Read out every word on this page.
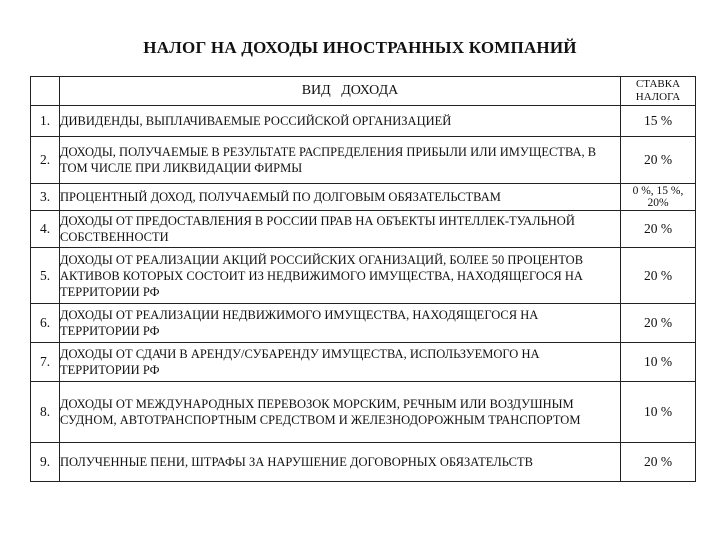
НАЛОГ НА ДОХОДЫ ИНОСТРАННЫХ КОМПАНИЙ
	ВИД   ДОХОДА	СТАВКА
НАЛОГА

1.	ДИВИДЕНДЫ, ВЫПЛАЧИВАЕМЫЕ РОССИЙСКОЙ ОРГАНИЗАЦИЕЙ	15 %
2.	ДОХОДЫ, ПОЛУЧАЕМЫЕ В РЕЗУЛЬТАТЕ РАСПРЕДЕЛЕНИЯ ПРИБЫЛИ ИЛИ ИМУЩЕСТВА, В ТОМ ЧИСЛЕ ПРИ ЛИКВИДАЦИИ ФИРМЫ	20 %
3.	ПРОЦЕНТНЫЙ ДОХОД, ПОЛУЧАЕМЫЙ ПО ДОЛГОВЫМ ОБЯЗАТЕЛЬСТВАМ	0 %, 15 %, 20%
4.	ДОХОДЫ ОТ ПРЕДОСТАВЛЕНИЯ В РОССИИ ПРАВ НА ОБЪЕКТЫ ИНТЕЛЛЕК-ТУАЛЬНОЙ СОБСТВЕННОСТИ	20 %
5.	ДОХОДЫ ОТ РЕАЛИЗАЦИИ АКЦИЙ РОССИЙСКИХ ОГАНИЗАЦИЙ, БОЛЕЕ 50 ПРОЦЕНТОВ АКТИВОВ КОТОРЫХ СОСТОИТ ИЗ НЕДВИЖИМОГО ИМУЩЕСТВА, НАХОДЯЩЕГОСЯ НА ТЕРРИТОРИИ РФ	20 %
6.	ДОХОДЫ ОТ РЕАЛИЗАЦИИ НЕДВИЖИМОГО ИМУЩЕСТВА, НАХОДЯЩЕГОСЯ НА ТЕРРИТОРИИ РФ	20 %
7.	ДОХОДЫ ОТ СДАЧИ В АРЕНДУ/СУБАРЕНДУ ИМУЩЕСТВА, ИСПОЛЬЗУЕМОГО НА ТЕРРИТОРИИ РФ	10 %
8.	ДОХОДЫ ОТ МЕЖДУНАРОДНЫХ ПЕРЕВОЗОК МОРСКИМ, РЕЧНЫМ ИЛИ ВОЗДУШНЫМ СУДНОМ, АВТОТРАНСПОРТНЫМ СРЕДСТВОМ И ЖЕЛЕЗНОДОРОЖНЫМ ТРАНСПОРТОМ	10 %
9.	ПОЛУЧЕННЫЕ ПЕНИ, ШТРАФЫ ЗА НАРУШЕНИЕ ДОГОВОРНЫХ ОБЯЗАТЕЛЬСТВ	20 %
